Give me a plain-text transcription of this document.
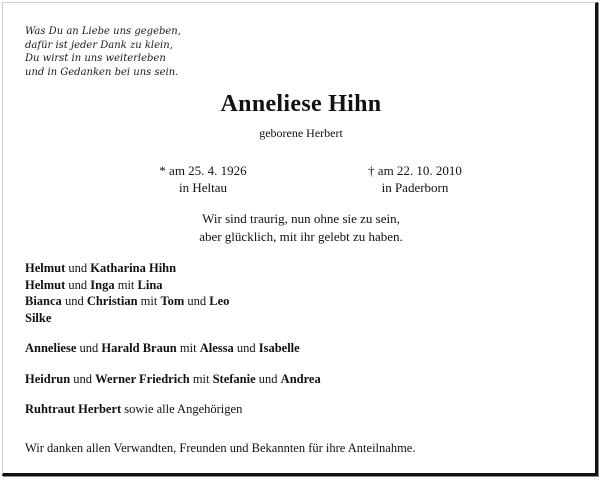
Was Du an Liebe uns gegeben,
dafür ist jeder Dank zu klein,
Du wirst in uns weiterleben
und in Gedanken bei uns sein.
Anneliese Hihn
geborene Herbert
* am 25. 4. 1926
in Heltau
† am 22. 10. 2010
in Paderborn
Wir sind traurig, nun ohne sie zu sein,
aber glücklich, mit ihr gelebt zu haben.
Helmut und Katharina Hihn
Helmut und Inga mit Lina
Bianca und Christian mit Tom und Leo
Silke
Anneliese und Harald Braun mit Alessa und Isabelle
Heidrun und Werner Friedrich mit Stefanie und Andrea
Ruhtraut Herbert sowie alle Angehörigen
Wir danken allen Verwandten, Freunden und Bekannten für ihre Anteilnahme.
